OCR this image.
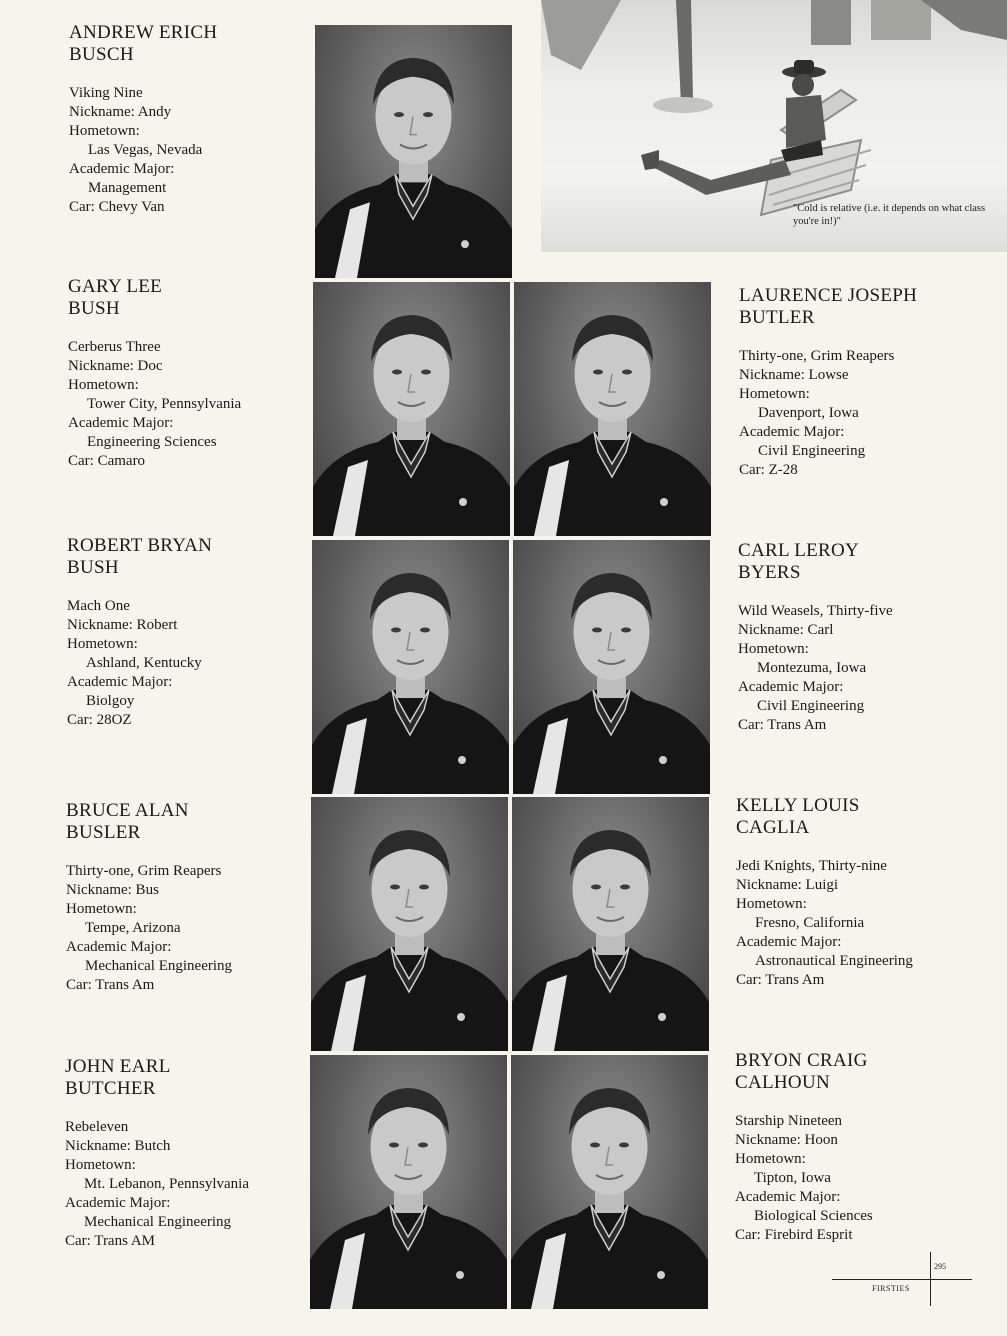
"Cold is relative (i.e. it depends on what class you're in!)"
ANDREW ERICH
BUSCH
Viking Nine
Nickname: Andy
Hometown:
Las Vegas, Nevada
Academic Major:
Management
Car: Chevy Van
GARY LEE
BUSH
Cerberus Three
Nickname: Doc
Hometown:
Tower City, Pennsylvania
Academic Major:
Engineering Sciences
Car: Camaro
LAURENCE JOSEPH
BUTLER
Thirty-one, Grim Reapers
Nickname: Lowse
Hometown:
Davenport, Iowa
Academic Major:
Civil Engineering
Car: Z-28
ROBERT BRYAN
BUSH
Mach One
Nickname: Robert
Hometown:
Ashland, Kentucky
Academic Major:
Biolgoy
Car: 28OZ
CARL LEROY
BYERS
Wild Weasels, Thirty-five
Nickname: Carl
Hometown:
Montezuma, Iowa
Academic Major:
Civil Engineering
Car: Trans Am
BRUCE ALAN
BUSLER
Thirty-one, Grim Reapers
Nickname: Bus
Hometown:
Tempe, Arizona
Academic Major:
Mechanical Engineering
Car: Trans Am
KELLY LOUIS
CAGLIA
Jedi Knights, Thirty-nine
Nickname: Luigi
Hometown:
Fresno, California
Academic Major:
Astronautical Engineering
Car: Trans Am
JOHN EARL
BUTCHER
Rebeleven
Nickname: Butch
Hometown:
Mt. Lebanon, Pennsylvania
Academic Major:
Mechanical Engineering
Car: Trans AM
BRYON CRAIG
CALHOUN
Starship Nineteen
Nickname: Hoon
Hometown:
Tipton, Iowa
Academic Major:
Biological Sciences
Car: Firebird Esprit
295
FIRSTIES
